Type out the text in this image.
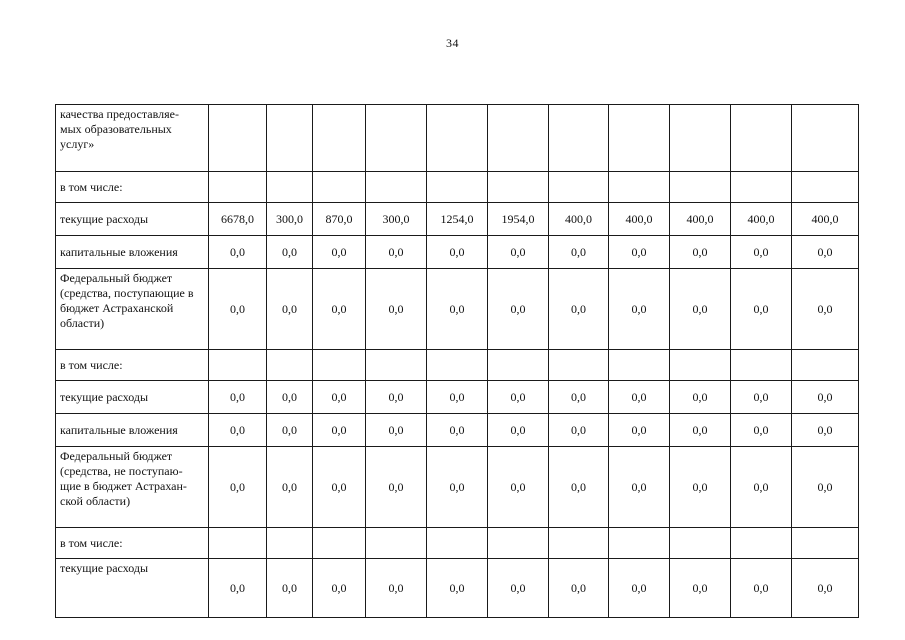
34
качества предоставляе-
мых образовательных
услуг»											
в том числе:											
текущие расходы	6678,0	300,0	870,0	300,0	1254,0	1954,0	400,0	400,0	400,0	400,0	400,0
капитальные вложения	0,0	0,0	0,0	0,0	0,0	0,0	0,0	0,0	0,0	0,0	0,0
Федеральный бюджет
(средства, поступающие в
бюджет Астраханской
области)	0,0	0,0	0,0	0,0	0,0	0,0	0,0	0,0	0,0	0,0	0,0
в том числе:											
текущие расходы	0,0	0,0	0,0	0,0	0,0	0,0	0,0	0,0	0,0	0,0	0,0
капитальные вложения	0,0	0,0	0,0	0,0	0,0	0,0	0,0	0,0	0,0	0,0	0,0
Федеральный бюджет
(средства, не поступаю-
щие в бюджет Астрахан-
ской области)	0,0	0,0	0,0	0,0	0,0	0,0	0,0	0,0	0,0	0,0	0,0
в том числе:											
текущие расходы	0,0	0,0	0,0	0,0	0,0	0,0	0,0	0,0	0,0	0,0	0,0
